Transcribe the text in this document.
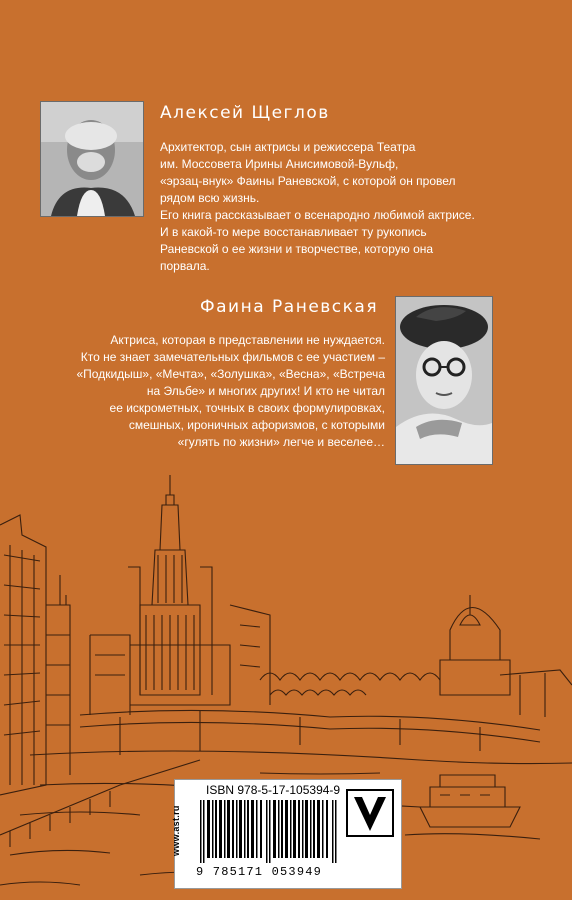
Алексей Щеглов
Архитектор, сын актрисы и режиссера Театра
им. Моссовета Ирины Анисимовой-Вульф,
«эрзац-внук» Фаины Раневской, с которой он провел
рядом всю жизнь.
Его книга рассказывает о всенародно любимой актрисе.
И в какой-то мере восстанавливает ту рукопись
Раневской о ее жизни и творчестве, которую она
порвала.
Фаина Раневская
Актриса, которая в представлении не нуждается.
Кто не знает замечательных фильмов с ее участием –
«Подкидыш», «Мечта», «Золушка», «Весна», «Встреча
на Эльбе» и многих других! И кто не читал
ее искрометных, точных в своих формулировках,
смешных, ироничных афоризмов, с которыми
«гулять по жизни» легче и веселее…
www.ast.ru
ISBN 978-5-17-105394-9
9 785171 053949
